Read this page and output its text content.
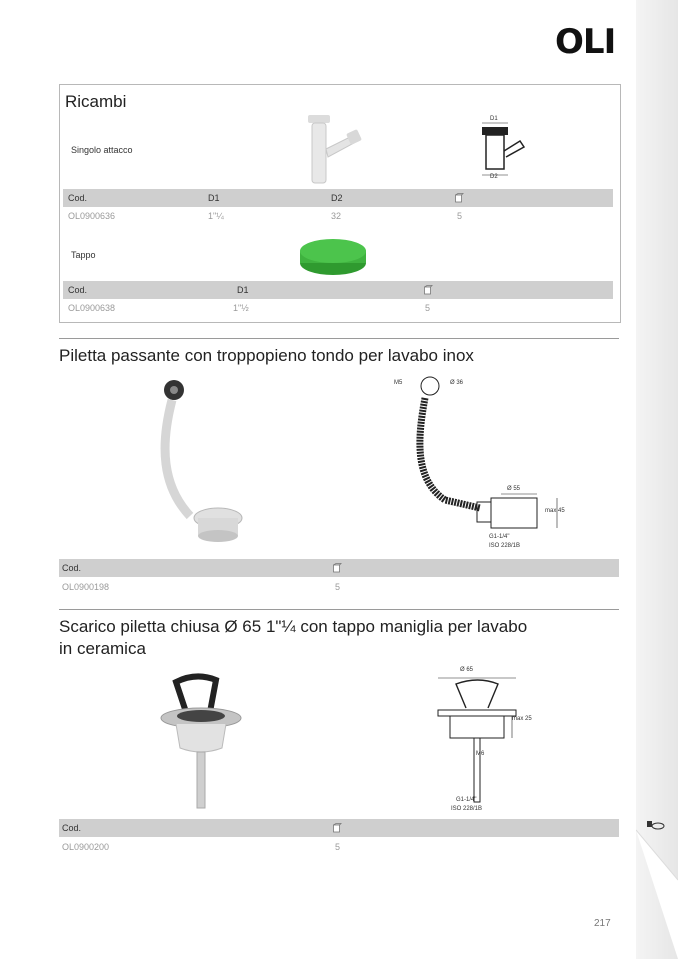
OLI
Ricambi
Singolo attacco
D1
D2
Cod.	D1	D2
OL0900636	1"¼	32	5
Tappo
Cod.	D1
OL0900638	1"½	5
Piletta passante con troppopieno tondo per lavabo inox
M5	Ø 36
Ø 55
max 45
G1-1/4"
ISO 228/1B
Cod.
OL0900198	5
Scarico piletta chiusa Ø 65 1"¼ con tappo maniglia per lavabo
in ceramica
Ø 65
max 25
M6
G1-1/4"
ISO 228/1B
Cod.
OL0900200	5
217
